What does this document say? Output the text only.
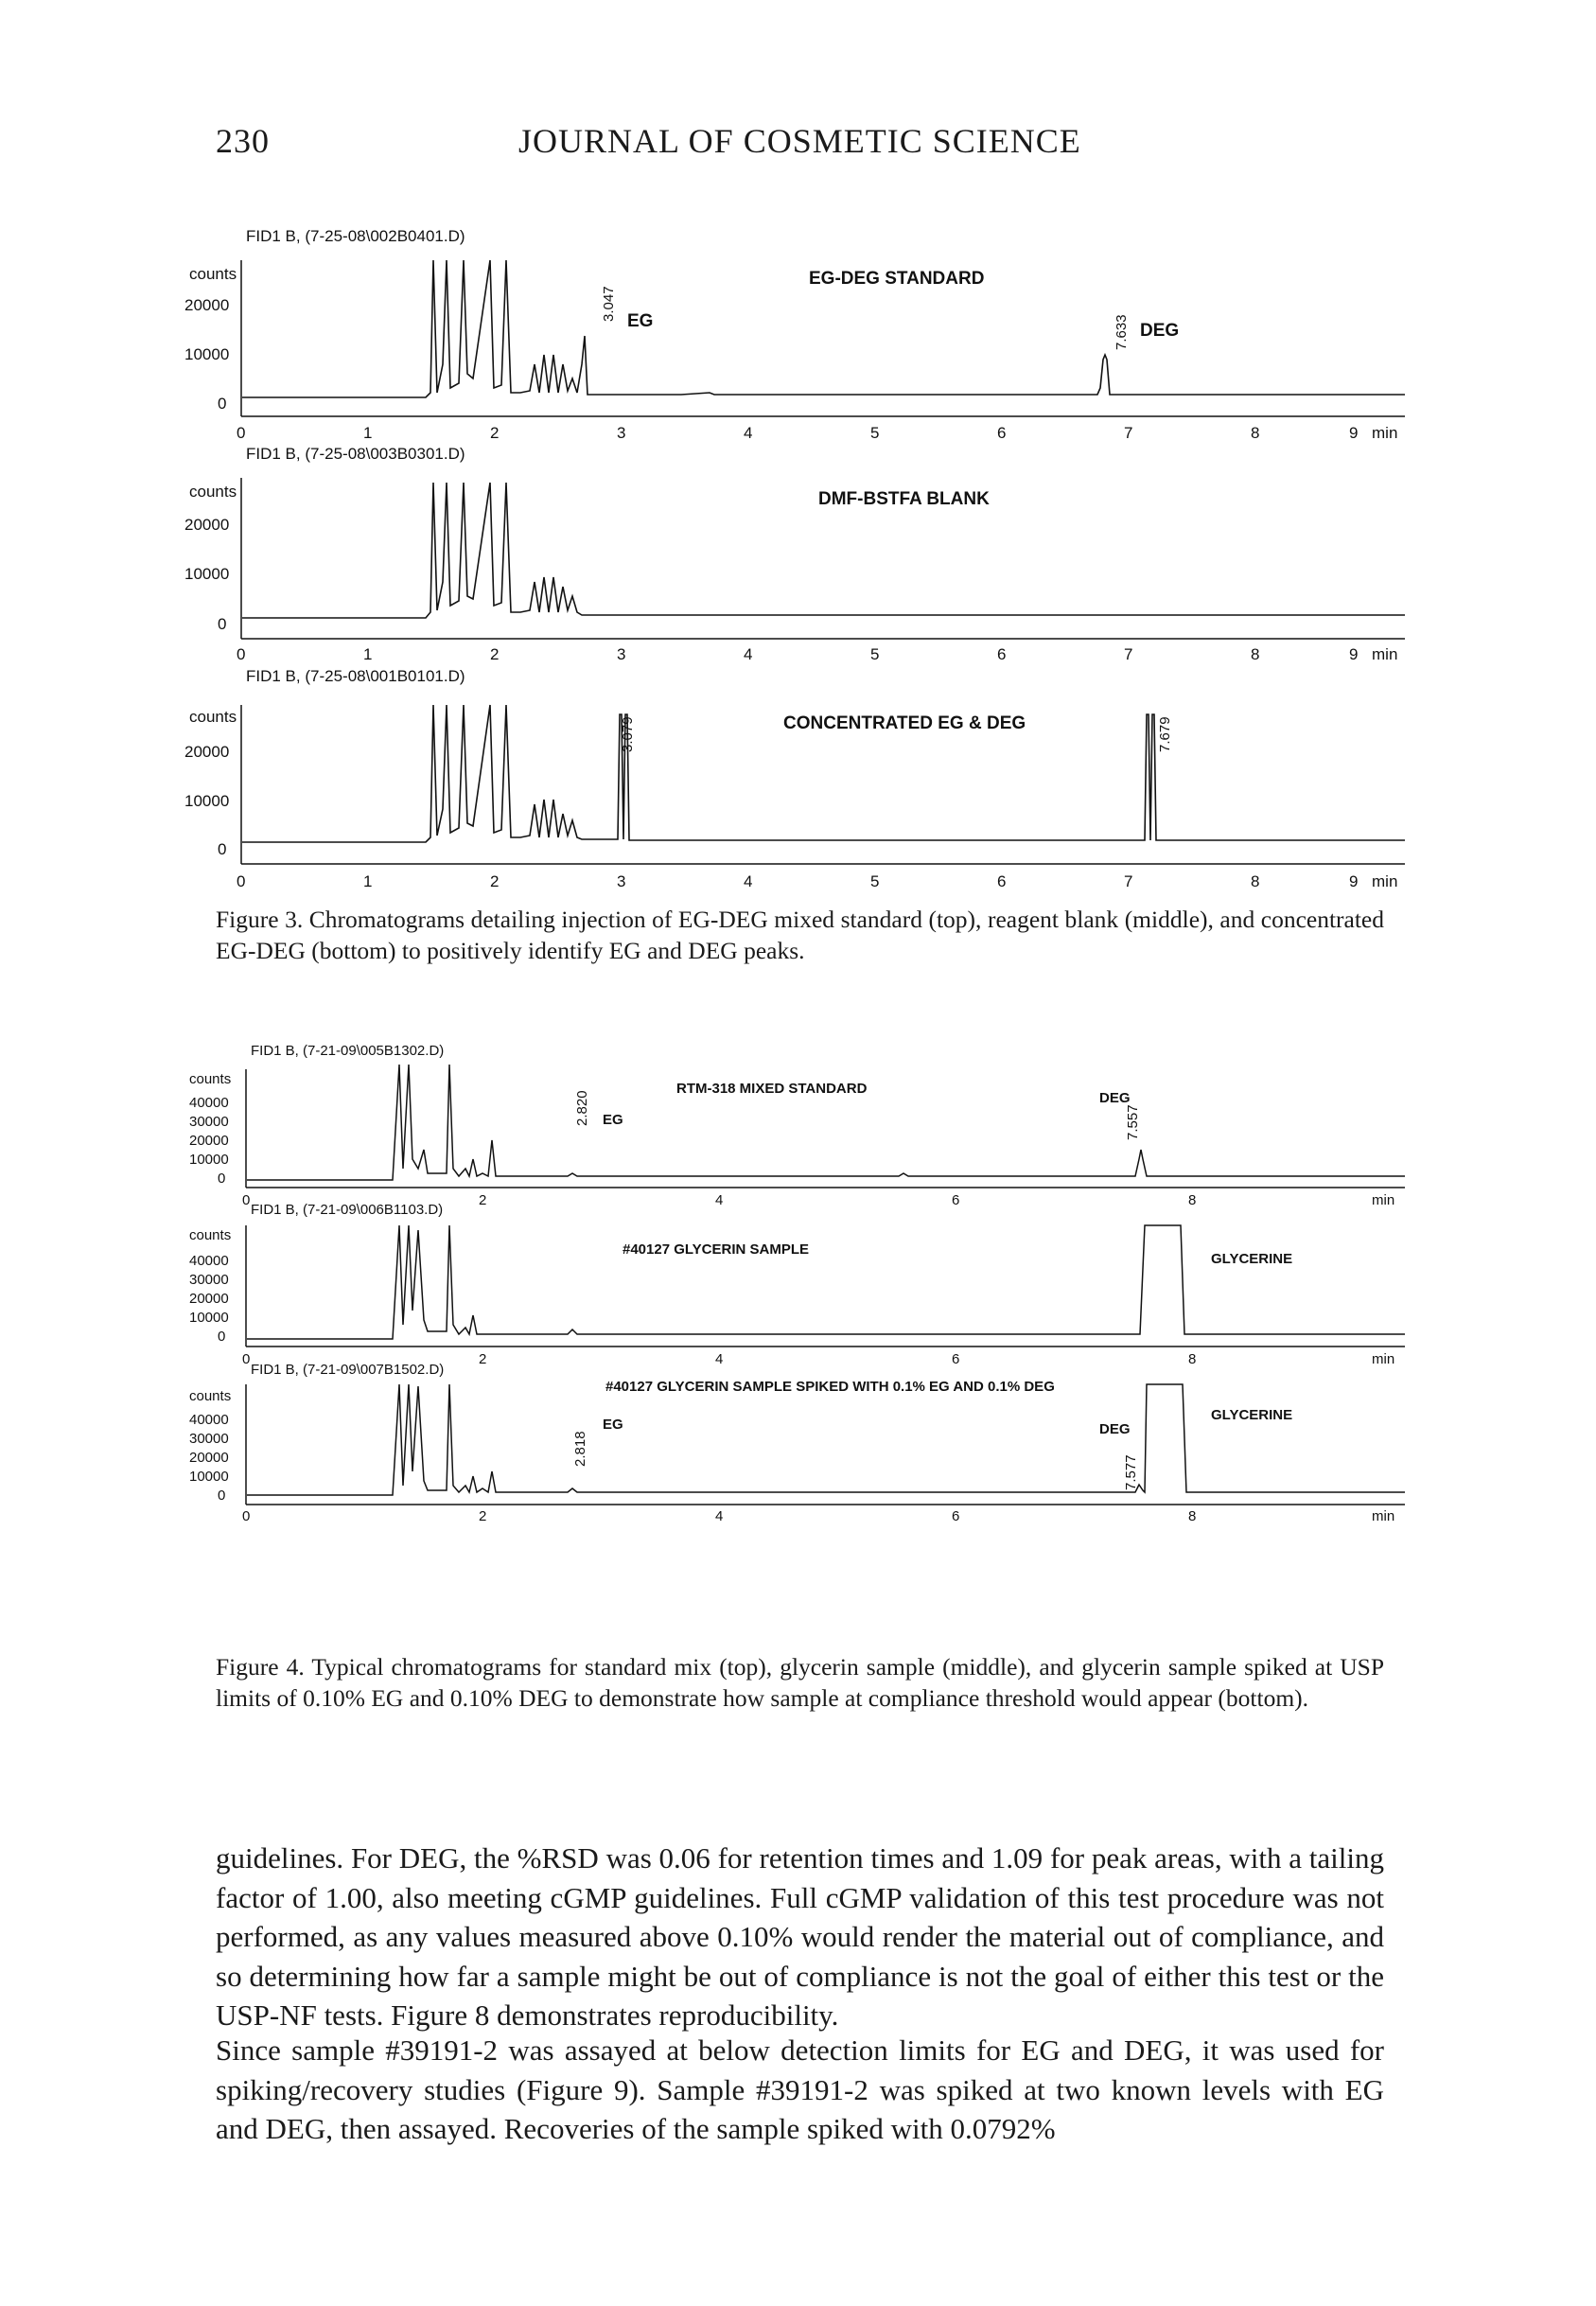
230	JOURNAL OF COSMETIC SCIENCE
FID1 B, (7-25-08\002B0401.D)
counts
20000
10000
0
3.047 EG
EG-DEG STANDARD
7.633 DEG
0	1	2	3	4	5	6	7	8	9 min
FID1 B, (7-25-08\003B0301.D)
counts
20000
10000
0
DMF-BSTFA BLANK
0	1	2	3	4	5	6	7	8	9 min
FID1 B, (7-25-08\001B0101.D)
counts
20000
10000
0
3.079	CONCENTRATED EG & DEG	7.679
0	1	2	3	4	5	6	7	8	9 min
Figure 3. Chromatograms detailing injection of EG-DEG mixed standard (top), reagent blank (middle), and concentrated EG-DEG (bottom) to positively identify EG and DEG peaks.
FID1 B, (7-21-09\005B1302.D)
counts
40000
30000
20000
10000
0
2.820 EG
RTM-318 MIXED STANDARD
7.557
DEG
0	2	4	6	8	min
FID1 B, (7-21-09\006B1103.D)
counts
40000
30000
20000
10000
0
#40127 GLYCERIN SAMPLE
GLYCERINE
0	2	4	6	8	min
FID1 B, (7-21-09\007B1502.D)
counts
40000
30000
20000
10000
0
#40127 GLYCERIN SAMPLE SPIKED WITH 0.1% EG AND 0.1% DEG
2.818
EG
7.577
DEG
GLYCERINE
0	2	4	6	8	min
Figure 4. Typical chromatograms for standard mix (top), glycerin sample (middle), and glycerin sample spiked at USP limits of 0.10% EG and 0.10% DEG to demonstrate how sample at compliance threshold would appear (bottom).

guidelines. For DEG, the %RSD was 0.06 for retention times and 1.09 for peak areas, with a tailing factor of 1.00, also meeting cGMP guidelines. Full cGMP validation of this test procedure was not performed, as any values measured above 0.10% would render the material out of compliance, and so determining how far a sample might be out of compliance is not the goal of either this test or the USP-NF tests. Figure 8 demonstrates reproducibility.

Since sample #39191-2 was assayed at below detection limits for EG and DEG, it was used for spiking/recovery studies (Figure 9). Sample #39191-2 was spiked at two known levels with EG and DEG, then assayed. Recoveries of the sample spiked with 0.0792%
